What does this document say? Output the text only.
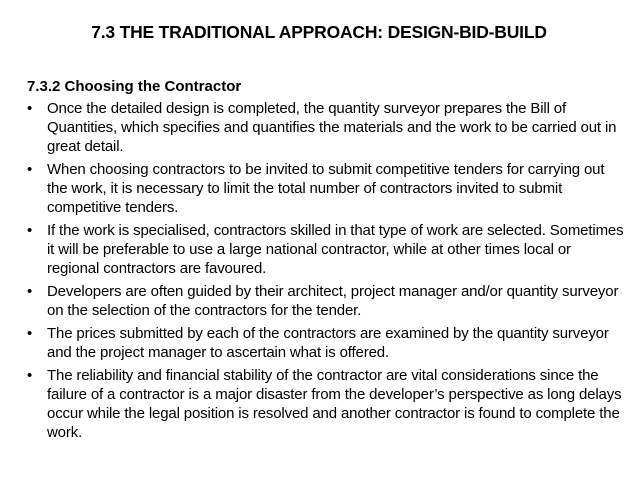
7.3 THE TRADITIONAL APPROACH: DESIGN-BID-BUILD
7.3.2 Choosing the Contractor
• Once the detailed design is completed, the quantity surveyor prepares the Bill of Quantities, which specifies and quantifies the materials and the work to be carried out in great detail.
• When choosing contractors to be invited to submit competitive tenders for carrying out the work, it is necessary to limit the total number of contractors invited to submit competitive tenders.
• If the work is specialised, contractors skilled in that type of work are selected. Sometimes it will be preferable to use a large national contractor, while at other times local or regional contractors are favoured.
• Developers are often guided by their architect, project manager and/or quantity surveyor on the selection of the contractors for the tender.
• The prices submitted by each of the contractors are examined by the quantity surveyor and the project manager to ascertain what is offered.
• The reliability and financial stability of the contractor are vital considerations since the failure of a contractor is a major disaster from the developer’s perspective as long delays occur while the legal position is resolved and another contractor is found to complete the work.
